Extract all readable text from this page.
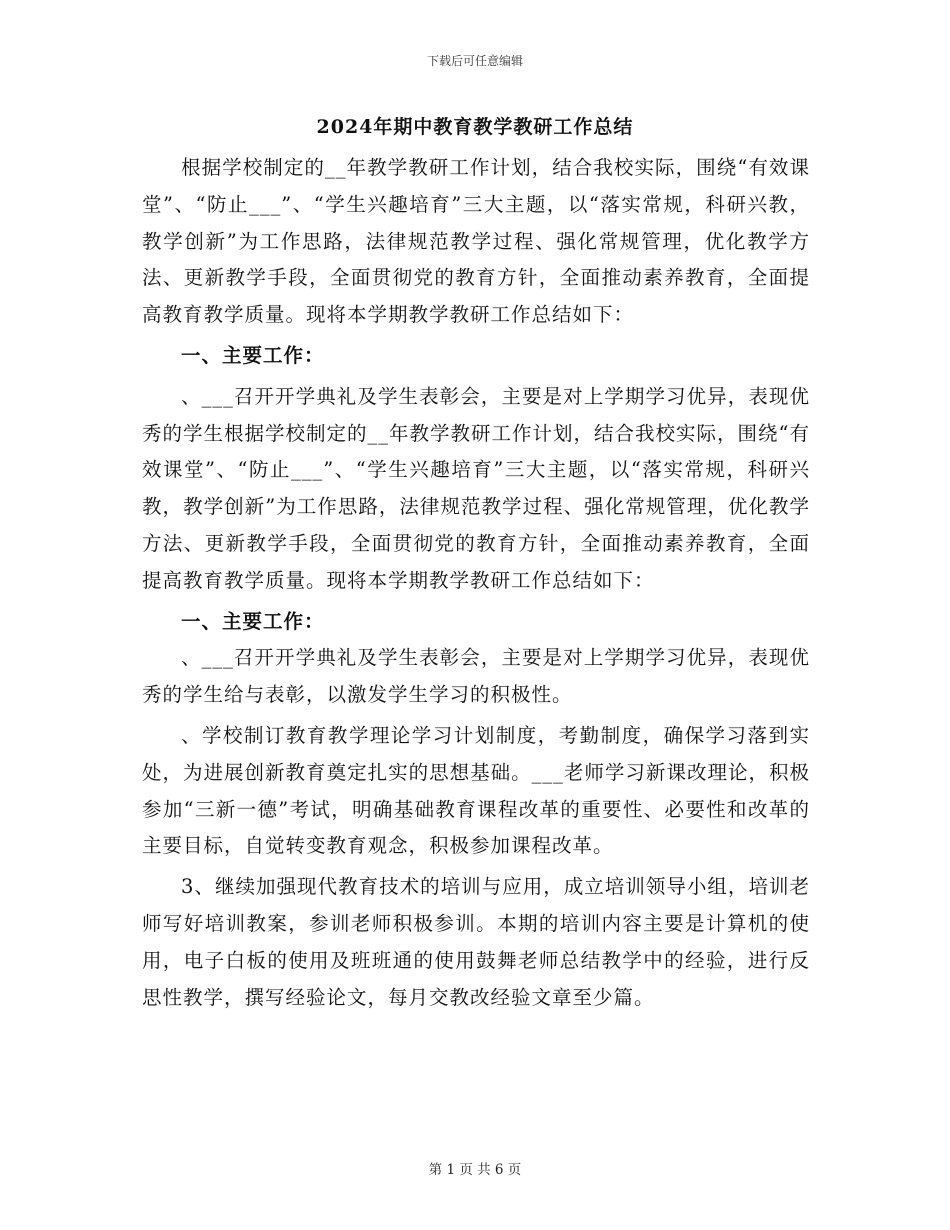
下载后可任意编辑
2024年期中教育教学教研工作总结

根据学校制定的__年教学教研工作计划，结合我校实际，围绕“有效课堂”、“防止___”、“学生兴趣培育”三大主题，以“落实常规，科研兴教，教学创新”为工作思路，法律规范教学过程、强化常规管理，优化教学方法、更新教学手段，全面贯彻党的教育方针，全面推动素养教育，全面提高教育教学质量。现将本学期教学教研工作总结如下：

一、主要工作：

、___召开开学典礼及学生表彰会，主要是对上学期学习优异，表现优秀的学生根据学校制定的__年教学教研工作计划，结合我校实际，围绕“有效课堂”、“防止___”、“学生兴趣培育”三大主题，以“落实常规，科研兴教，教学创新”为工作思路，法律规范教学过程、强化常规管理，优化教学方法、更新教学手段，全面贯彻党的教育方针，全面推动素养教育，全面提高教育教学质量。现将本学期教学教研工作总结如下：

一、主要工作：

、___召开开学典礼及学生表彰会，主要是对上学期学习优异，表现优秀的学生给与表彰，以激发学生学习的积极性。

、学校制订教育教学理论学习计划制度，考勤制度，确保学习落到实处，为进展创新教育奠定扎实的思想基础。___老师学习新课改理论，积极参加“三新一德”考试，明确基础教育课程改革的重要性、必要性和改革的主要目标，自觉转变教育观念，积极参加课程改革。

3、继续加强现代教育技术的培训与应用，成立培训领导小组，培训老师写好培训教案，参训老师积极参训。本期的培训内容主要是计算机的使用，电子白板的使用及班班通的使用鼓舞老师总结教学中的经验，进行反思性教学，撰写经验论文，每月交教改经验文章至少篇。

第 1 页 共 6 页
